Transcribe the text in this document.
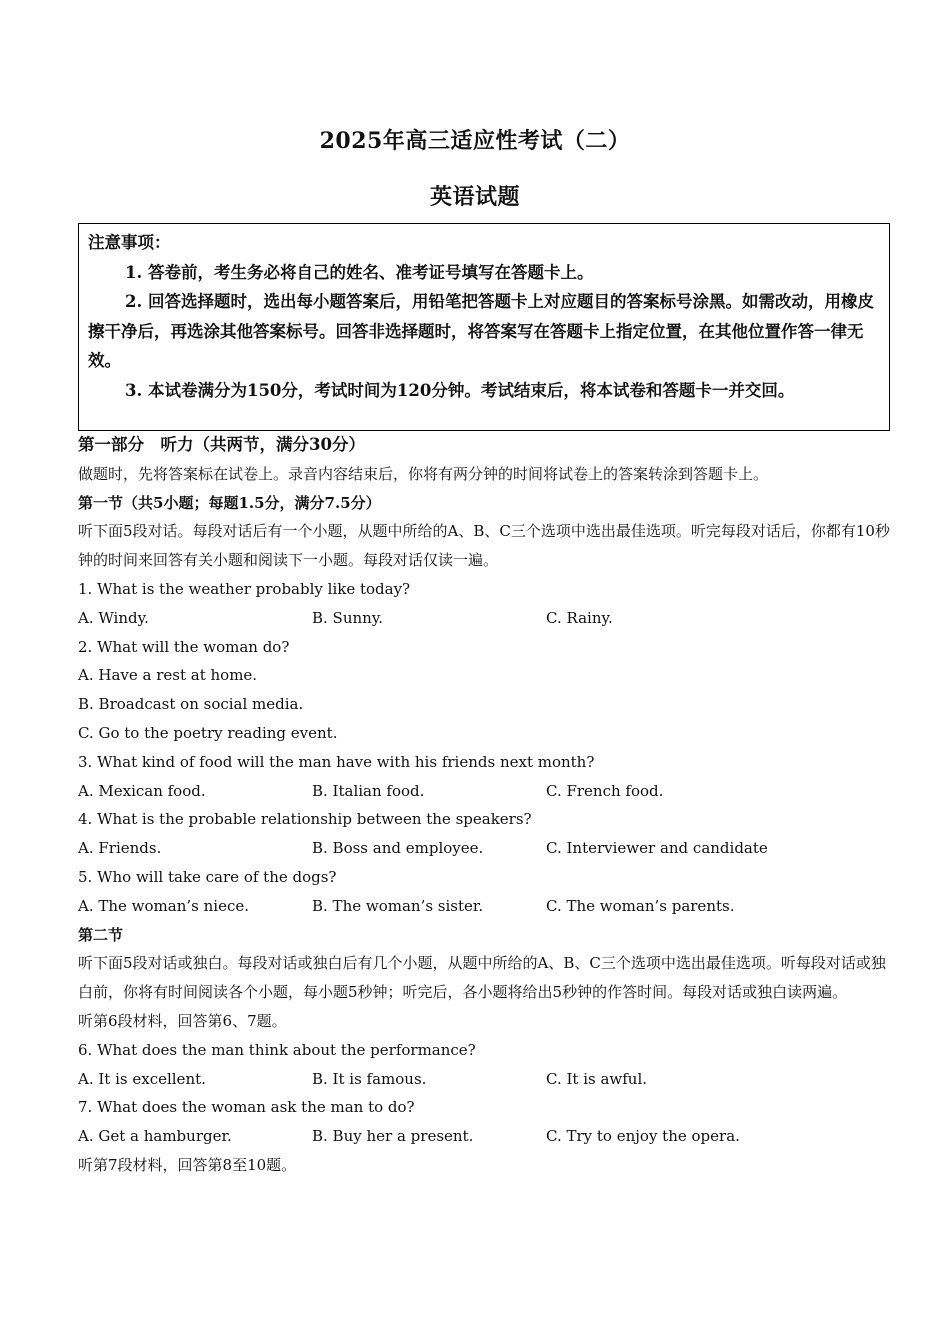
2025年高三适应性考试（二）
英语试题

注意事项：

1. 答卷前，考生务必将自己的姓名、准考证号填写在答题卡上。

2. 回答选择题时，选出每小题答案后，用铅笔把答题卡上对应题目的答案标号涂黑。如需改动，用橡皮擦干净后，再选涂其他答案标号。回答非选择题时，将答案写在答题卡上指定位置，在其他位置作答一律无效。

3. 本试卷满分为150分，考试时间为120分钟。考试结束后，将本试卷和答题卡一并交回。

第一部分　听力（共两节，满分30分）
做题时，先将答案标在试卷上。录音内容结束后，你将有两分钟的时间将试卷上的答案转涂到答题卡上。
第一节（共5小题；每题1.5分，满分7.5分）
听下面5段对话。每段对话后有一个小题，从题中所给的A、B、C三个选项中选出最佳选项。听完每段对话后，你都有10秒钟的时间来回答有关小题和阅读下一小题。每段对话仅读一遍。
1. What is the weather probably like today?
A. Windy.	B. Sunny.	C. Rainy.
2. What will the woman do?
A. Have a rest at home.
B. Broadcast on social media.
C. Go to the poetry reading event.
3. What kind of food will the man have with his friends next month?
A. Mexican food.	B. Italian food.	C. French food.
4. What is the probable relationship between the speakers?
A. Friends.	B. Boss and employee.	C. Interviewer and candidate
5. Who will take care of the dogs?
A. The woman’s niece.	B. The woman’s sister.	C. The woman’s parents.
第二节
听下面5段对话或独白。每段对话或独白后有几个小题，从题中所给的A、B、C三个选项中选出最佳选项。听每段对话或独白前，你将有时间阅读各个小题，每小题5秒钟；听完后，各小题将给出5秒钟的作答时间。每段对话或独白读两遍。
听第6段材料，回答第6、7题。
6. What does the man think about the performance?
A. It is excellent.	B. It is famous.	C. It is awful.
7. What does the woman ask the man to do?
A. Get a hamburger.	B. Buy her a present.	C. Try to enjoy the opera.
听第7段材料，回答第8至10题。
